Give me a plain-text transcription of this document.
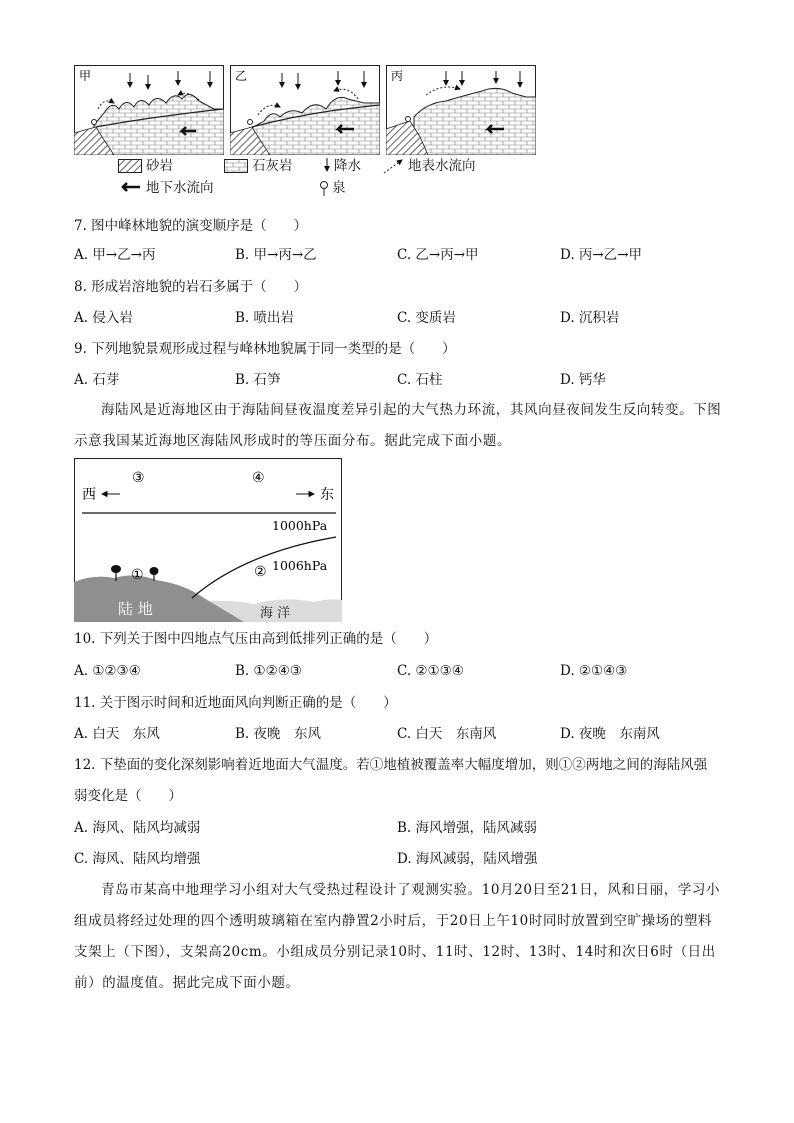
甲	乙	丙
砂岩	石灰岩	降水	地表水流向
地下水流向	泉
7. 图中峰林地貌的演变顺序是（　　）
A. 甲→乙→丙	B. 甲→丙→乙	C. 乙→丙→甲	D. 丙→乙→甲
8. 形成岩溶地貌的岩石多属于（　　）
A. 侵入岩	B. 喷出岩	C. 变质岩	D. 沉积岩
9. 下列地貌景观形成过程与峰林地貌属于同一类型的是（　　）
A. 石芽	B. 石笋	C. 石柱	D. 钙华
海陆风是近海地区由于海陆间昼夜温度差异引起的大气热力环流，其风向昼夜间发生反向转变。下图示意我国某近海地区海陆风形成时的等压面分布。据此完成下面小题。
西	东
③	④
1000hPa
② 1006hPa
①
陆 地	海 洋
10. 下列关于图中四地点气压由高到低排列正确的是（　　）
A. ①②③④	B. ①②④③	C. ②①③④	D. ②①④③
11. 关于图示时间和近地面风向判断正确的是（　　）
A. 白天　东风	B. 夜晚　东风	C. 白天　东南风	D. 夜晚　东南风
12. 下垫面的变化深刻影响着近地面大气温度。若①地植被覆盖率大幅度增加，则①②两地之间的海陆风强
弱变化是（　　）
A. 海风、陆风均减弱	B. 海风增强，陆风减弱
C. 海风、陆风均增强	D. 海风减弱，陆风增强
青岛市某高中地理学习小组对大气受热过程设计了观测实验。10月20日至21日，风和日丽，学习小组成员将经过处理的四个透明玻璃箱在室内静置2小时后，于20日上午10时同时放置到空旷操场的塑料支架上（下图），支架高20cm。小组成员分别记录10时、11时、12时、13时、14时和次日6时（日出前）的温度值。据此完成下面小题。
